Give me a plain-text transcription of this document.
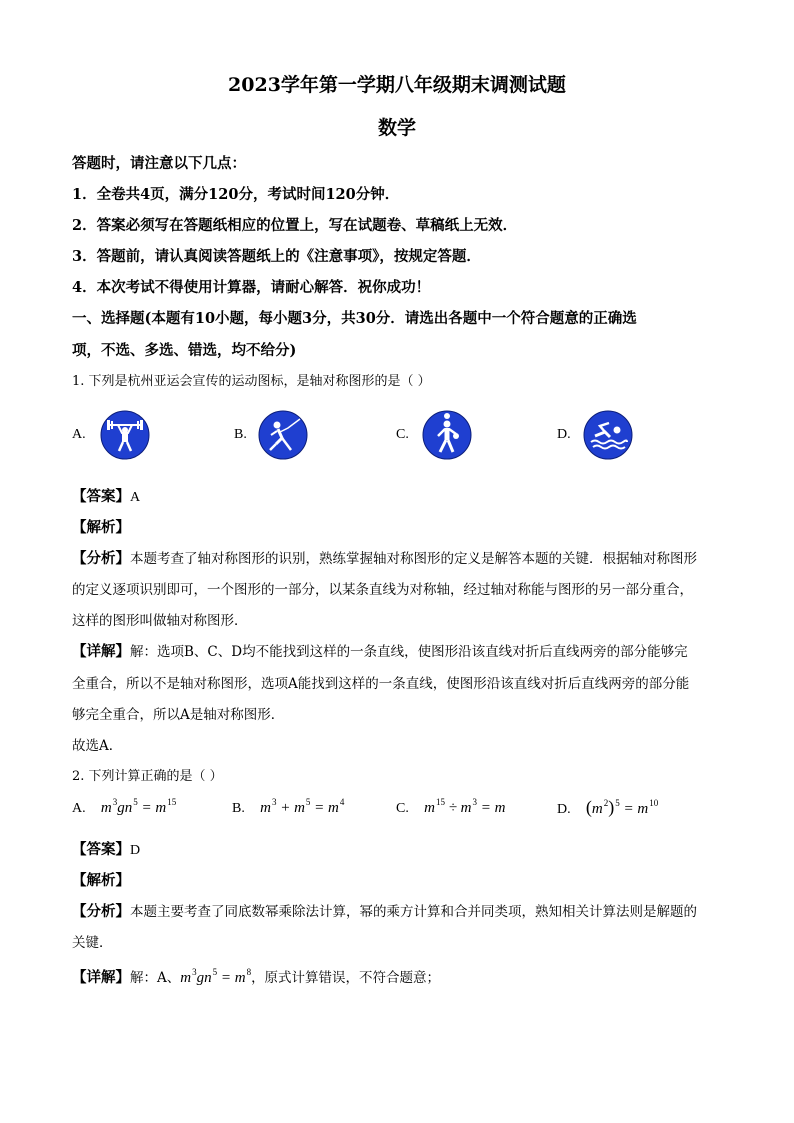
2023学年第一学期八年级期末调测试题
数学
答题时，请注意以下几点：
1．全卷共4页，满分120分，考试时间120分钟．
2．答案必须写在答题纸相应的位置上，写在试题卷、草稿纸上无效．
3．答题前，请认真阅读答题纸上的《注意事项》，按规定答题．
4．本次考试不得使用计算器，请耐心解答．祝你成功！
一、选择题(本题有10小题，每小题3分，共30分．请选出各题中一个符合题意的正确选
项，不选、多选、错选，均不给分)
1. 下列是杭州亚运会宣传的运动图标，是轴对称图形的是（ ）
A.	B.	C.	D.
【答案】A
【解析】
【分析】本题考查了轴对称图形的识别，熟练掌握轴对称图形的定义是解答本题的关键．根据轴对称图形
的定义逐项识别即可，一个图形的一部分，以某条直线为对称轴，经过轴对称能与图形的另一部分重合，
这样的图形叫做轴对称图形．
【详解】解：选项B、C、D均不能找到这样的一条直线，使图形沿该直线对折后直线两旁的部分能够完
全重合，所以不是轴对称图形，选项A能找到这样的一条直线，使图形沿该直线对折后直线两旁的部分能
够完全重合，所以A是轴对称图形．
故选A．
2. 下列计算正确的是（ ）
A. $m^3gn^5 = m^{15}$	B. $m^3 + m^5 = m^4$	C. $m^{15} \div m^3 = m$	D. $(m^2)^5 = m^{10}$
【答案】D
【解析】
【分析】本题主要考查了同底数幂乘除法计算，幂的乘方计算和合并同类项，熟知相关计算法则是解题的
关键．
【详解】解：A、$m^3gn^5 = m^8$，原式计算错误，不符合题意；
